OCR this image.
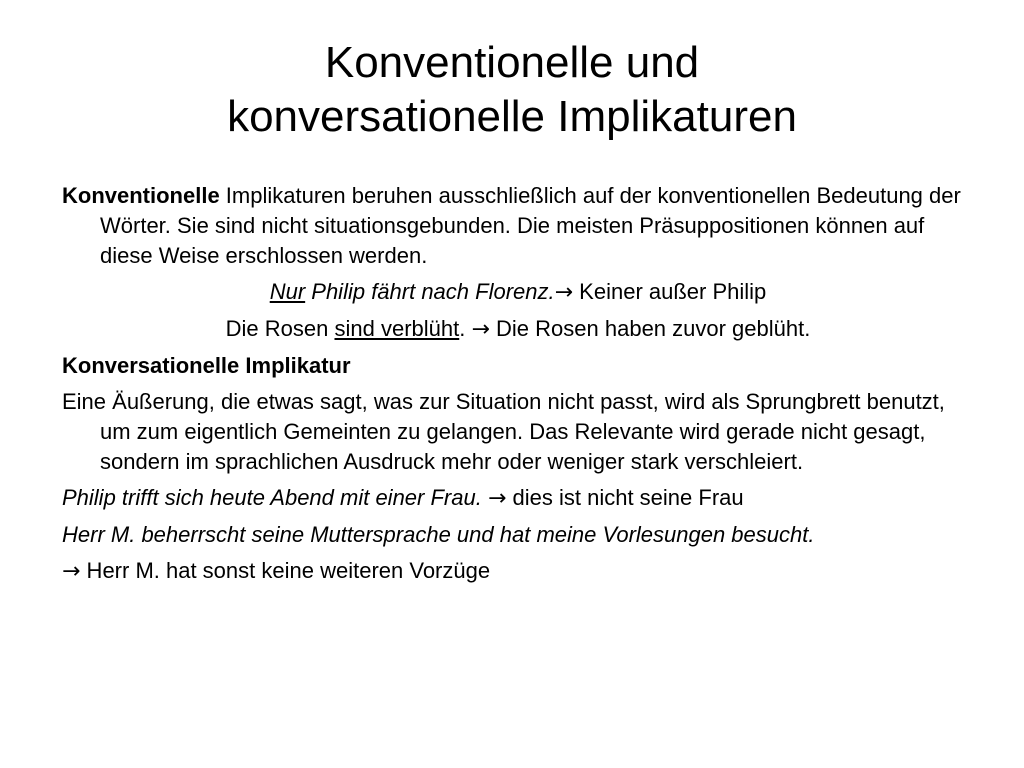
Konventionelle und
konversationelle Implikaturen

Konventionelle Implikaturen beruhen ausschließlich auf der konventionellen Bedeutung der Wörter. Sie sind nicht situationsgebunden. Die meisten Präsuppositionen können auf diese Weise erschlossen werden.

Nur Philip fährt nach Florenz.→ Keiner außer Philip

Die Rosen sind verblüht. → Die Rosen haben zuvor geblüht.

Konversationelle Implikatur

Eine Äußerung, die etwas sagt, was zur Situation nicht passt, wird als Sprungbrett benutzt, um zum eigentlich Gemeinten zu gelangen. Das Relevante wird gerade nicht gesagt, sondern im sprachlichen Ausdruck mehr oder weniger stark verschleiert.

Philip trifft sich heute Abend mit einer Frau. → dies ist nicht seine Frau

Herr M. beherrscht seine Muttersprache und hat meine Vorlesungen besucht.

→ Herr M. hat sonst keine weiteren Vorzüge
